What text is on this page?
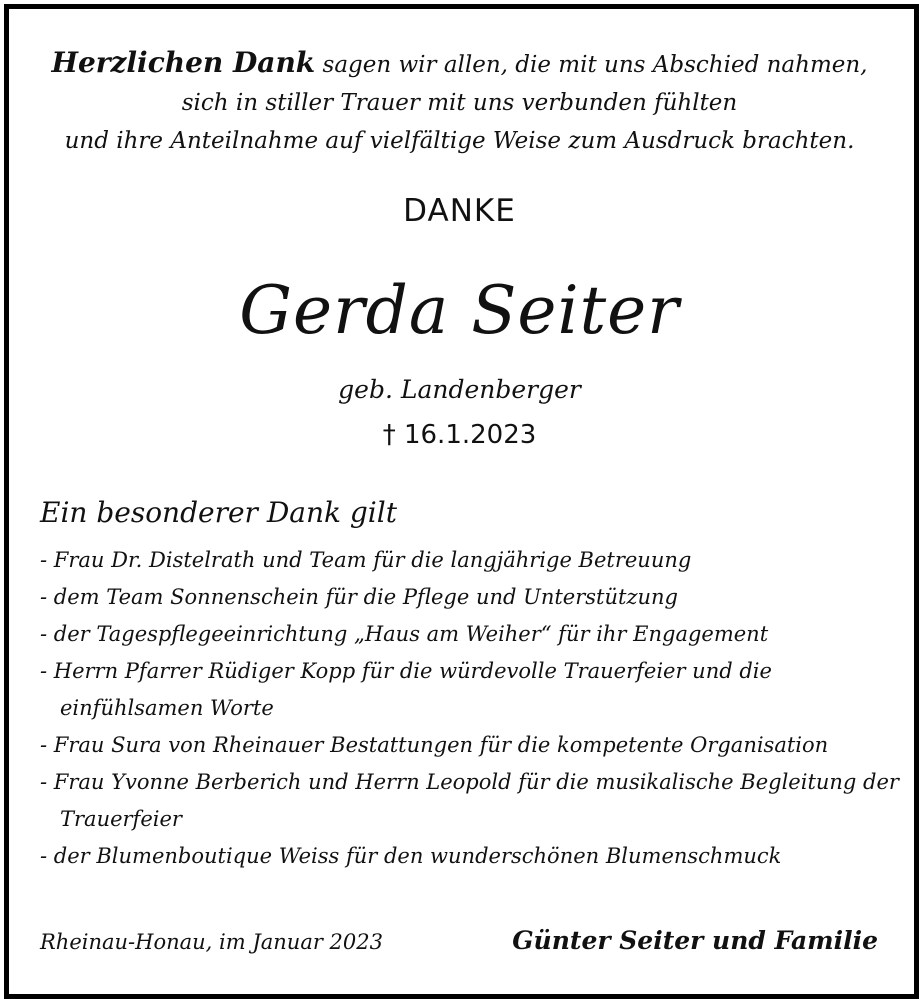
Herzlichen Dank sagen wir allen, die mit uns Abschied nahmen,
sich in stiller Trauer mit uns verbunden fühlten
und ihre Anteilnahme auf vielfältige Weise zum Ausdruck brachten.
DANKE
Gerda Seiter
geb. Landenberger
† 16.1.2023
Ein besonderer Dank gilt
- Frau Dr. Distelrath und Team für die langjährige Betreuung
- dem Team Sonnenschein für die Pflege und Unterstützung
- der Tagespflegeeinrichtung „Haus am Weiher“ für ihr Engagement
- Herrn Pfarrer Rüdiger Kopp für die würdevolle Trauerfeier und die einfühlsamen Worte
- Frau Sura von Rheinauer Bestattungen für die kompetente Organisation
- Frau Yvonne Berberich und Herrn Leopold für die musikalische Begleitung der Trauerfeier
- der Blumenboutique Weiss für den wunderschönen Blumenschmuck
Rheinau-Honau, im Januar 2023	Günter Seiter und Familie
